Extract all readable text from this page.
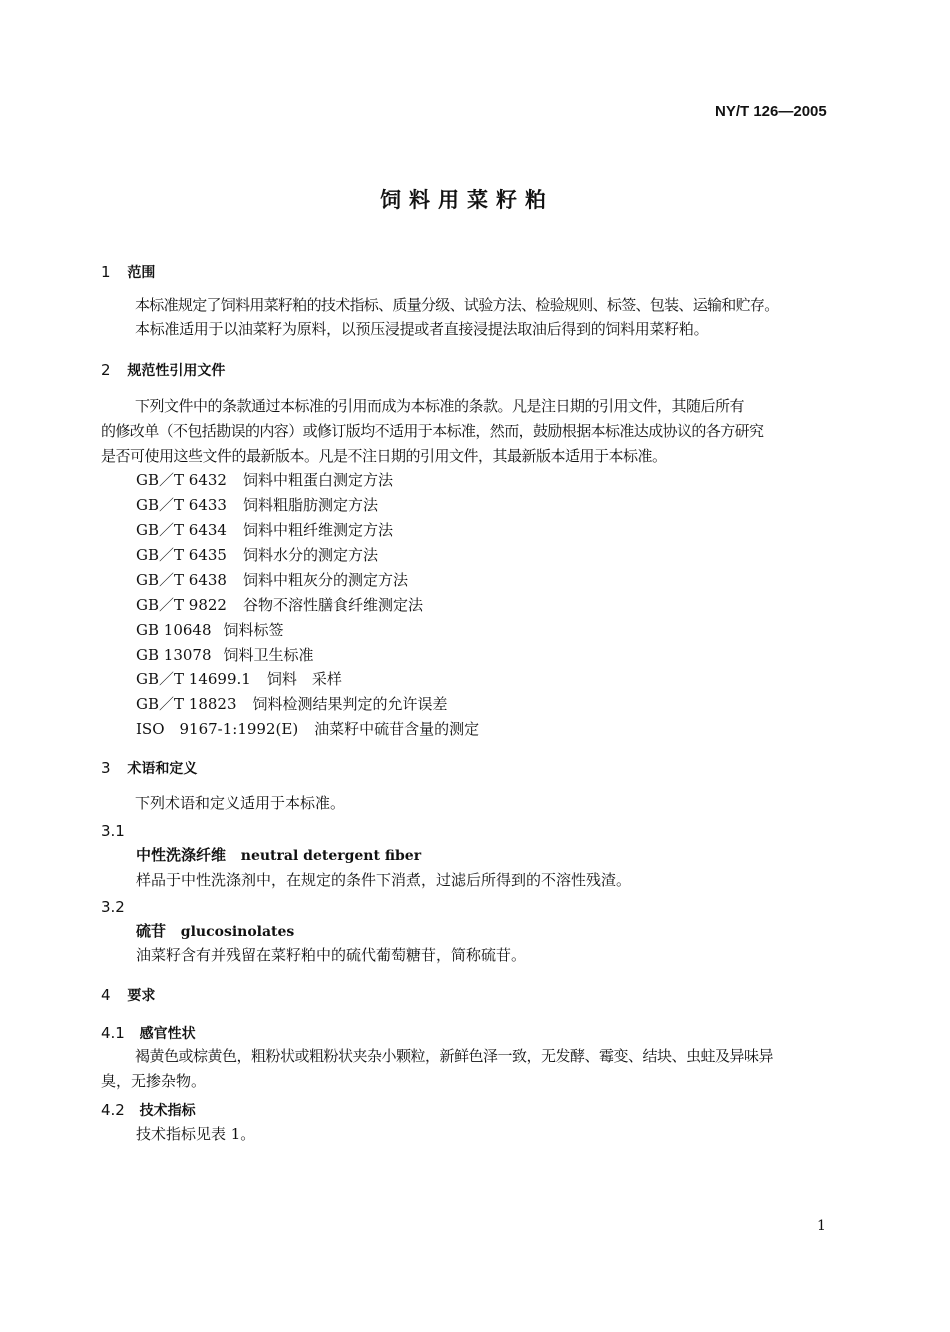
NY/T 126—2005
饲料用菜籽粕
1 范围
本标准规定了饲料用菜籽粕的技术指标、质量分级、试验方法、检验规则、标签、包装、运输和贮存。
本标准适用于以油菜籽为原料，以预压浸提或者直接浸提法取油后得到的饲料用菜籽粕。
2 规范性引用文件
下列文件中的条款通过本标准的引用而成为本标准的条款。凡是注日期的引用文件，其随后所有
的修改单（不包括勘误的内容）或修订版均不适用于本标准，然而，鼓励根据本标准达成协议的各方研究
是否可使用这些文件的最新版本。凡是不注日期的引用文件，其最新版本适用于本标准。
GB／T 6432 饲料中粗蛋白测定方法
GB／T 6433 饲料粗脂肪测定方法
GB／T 6434 饲料中粗纤维测定方法
GB／T 6435 饲料水分的测定方法
GB／T 6438 饲料中粗灰分的测定方法
GB／T 9822 谷物不溶性膳食纤维测定法
GB 10648 饲料标签
GB 13078 饲料卫生标准
GB／T 14699.1 饲料　采样
GB／T 18823 饲料检测结果判定的允许误差
ISO　9167-1:1992(E) 油菜籽中硫苷含量的测定
3 术语和定义
下列术语和定义适用于本标准。
3.1
中性洗涤纤维 neutral detergent fiber
样品于中性洗涤剂中，在规定的条件下消煮，过滤后所得到的不溶性残渣。
3.2
硫苷 glucosinolates
油菜籽含有并残留在菜籽粕中的硫代葡萄糖苷，简称硫苷。
4 要求
4.1 感官性状
褐黄色或棕黄色，粗粉状或粗粉状夹杂小颗粒，新鲜色泽一致，无发酵、霉变、结块、虫蛀及异味异
臭，无掺杂物。
4.2 技术指标
技术指标见表 1。
1
